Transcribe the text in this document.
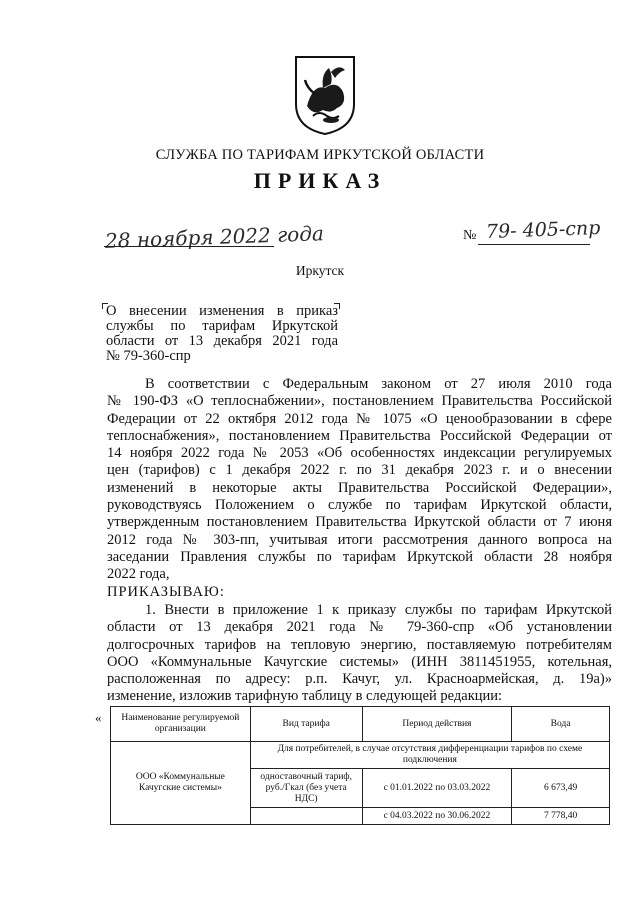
СЛУЖБА ПО ТАРИФАМ ИРКУТСКОЙ ОБЛАСТИ
ПРИКАЗ
28 ноября 2022 года	№ 79- 405-спр
Иркутск
О внесении изменения в приказ
службы по тарифам Иркутской
области от 13 декабря 2021 года
№ 79-360-спр
В соответствии с Федеральным законом от 27 июля 2010 года
№ 190-ФЗ «О теплоснабжении», постановлением Правительства Российской
Федерации от 22 октября 2012 года № 1075 «О ценообразовании в сфере
теплоснабжения», постановлением Правительства Российской Федерации от
14 ноября 2022 года № 2053 «Об особенностях индексации регулируемых
цен (тарифов) с 1 декабря 2022 г. по 31 декабря 2023 г. и о внесении
изменений в некоторые акты Правительства Российской Федерации»,
руководствуясь Положением о службе по тарифам Иркутской области,
утвержденным постановлением Правительства Иркутской области от 7 июня
2012 года № 303-пп, учитывая итоги рассмотрения данного вопроса на
заседании Правления службы по тарифам Иркутской области 28 ноября
2022 года,
ПРИКАЗЫВАЮ:
1. Внести в приложение 1 к приказу службы по тарифам Иркутской
области от 13 декабря 2021 года № 79-360-спр «Об установлении
долгосрочных тарифов на тепловую энергию, поставляемую потребителям
ООО «Коммунальные Качугские системы» (ИНН 3811451955, котельная,
расположенная по адресу: р.п. Качуг, ул. Красноармейская, д. 19а)»
изменение, изложив тарифную таблицу в следующей редакции:
« Наименование регулируемой организации	Вид тарифа	Период действия	Вода
ООО «Коммунальные Качугские системы»	Для потребителей, в случае отсутствия дифференциации тарифов по схеме подключения		
	одноставочный тариф, руб./Гкал (без учета НДС)	с 01.01.2022 по 03.03.2022	6 673,49
		с 04.03.2022 по 30.06.2022	7 778,40
